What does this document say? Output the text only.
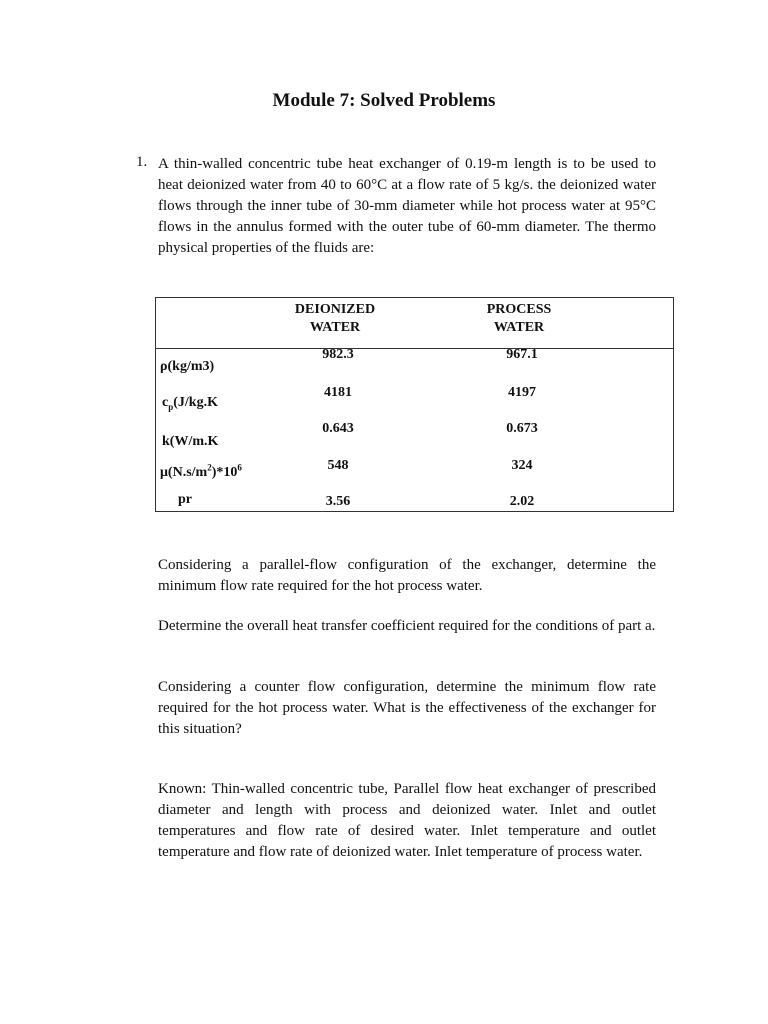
Module 7: Solved Problems
1. A thin-walled concentric tube heat exchanger of 0.19-m length is to be used to heat deionized water from 40 to 60°C at a flow rate of 5 kg/s. the deionized water flows through the inner tube of 30-mm diameter while hot process water at 95°C flows in the annulus formed with the outer tube of 60-mm diameter. The thermo physical properties of the fluids are:

DEIONIZED
WATER
PROCESS
WATER
ρ(kg/m3)
$c_p(J/kg.K$
k(W/m.K
$\mu(N.s/m^2)*10^6$
pr
982.3
4181
0.643
548
3.56
967.1
4197
0.673
324
2.02

Considering a parallel-flow configuration of the exchanger, determine the minimum flow rate required for the hot process water.

Determine the overall heat transfer coefficient required for the conditions of part a.

Considering a counter flow configuration, determine the minimum flow rate required for the hot process water. What is the effectiveness of the exchanger for this situation?

Known: Thin-walled concentric tube, Parallel flow heat exchanger of prescribed diameter and length with process and deionized water. Inlet and outlet temperatures and flow rate of desired water. Inlet temperature and outlet temperature and flow rate of deionized water. Inlet temperature of process water.
